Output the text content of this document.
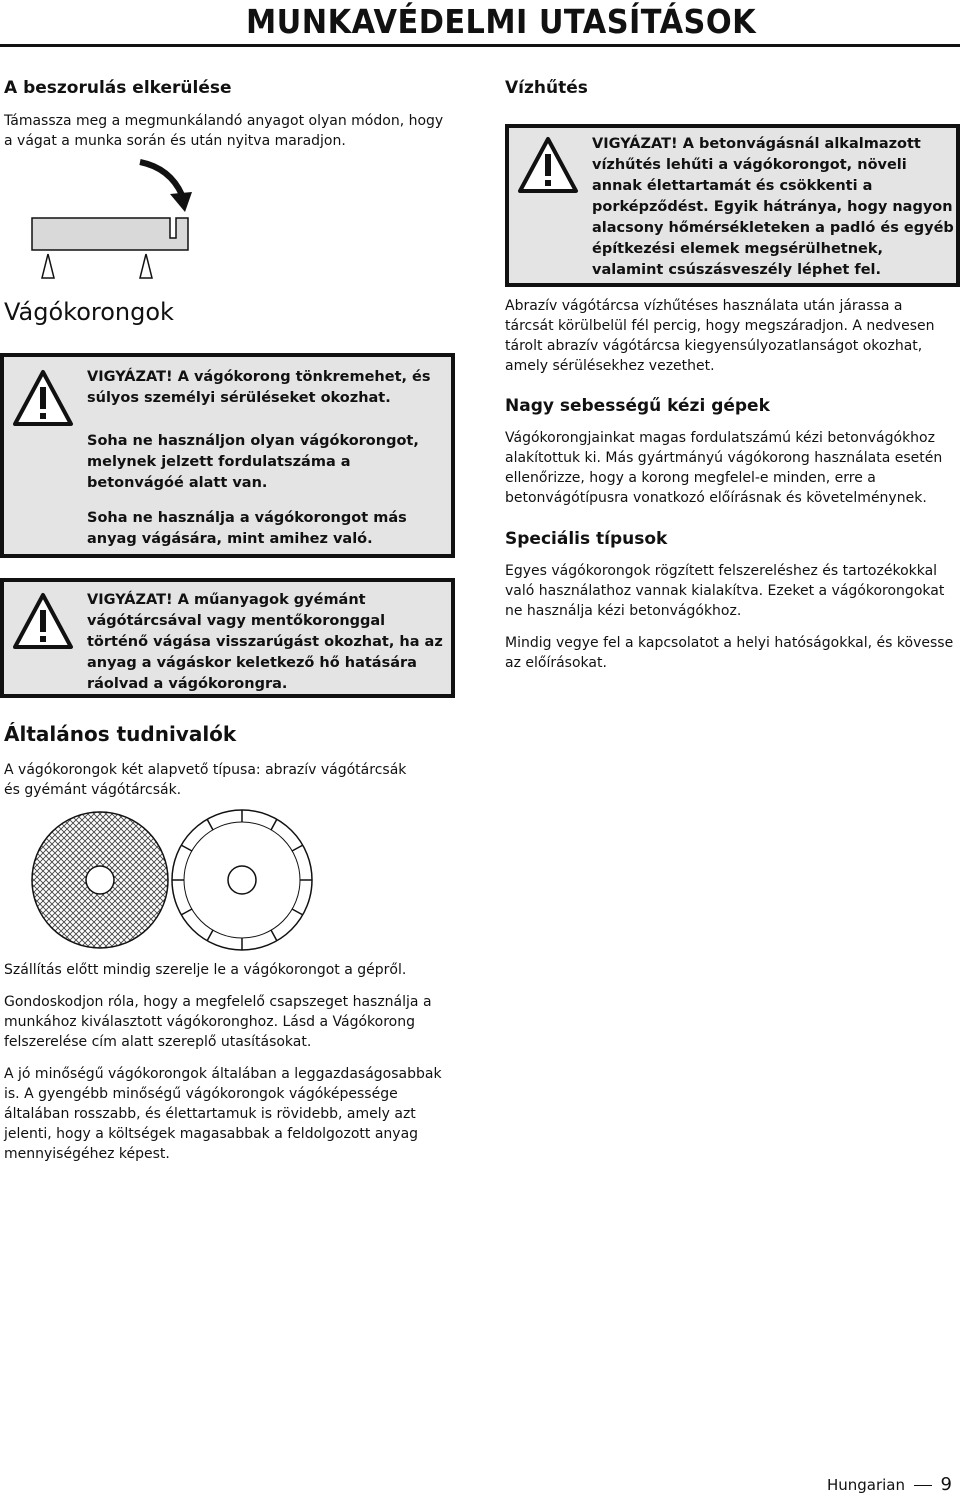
MUNKAVÉDELMI UTASÍTÁSOK

A beszorulás elkerülése

Támassza meg a megmunkálandó anyagot olyan módon, hogy a vágat a munka során és után nyitva maradjon.

Vágókorongok

VIGYÁZAT! A vágókorong tönkremehet, és súlyos személyi sérüléseket okozhat.

Soha ne használjon olyan vágókorongot, melynek jelzett fordulatszáma a betonvágóé alatt van.

Soha ne használja a vágókorongot más anyag vágására, mint amihez való.

VIGYÁZAT! A műanyagok gyémánt vágótárcsával vagy mentőkoronggal történő vágása visszarúgást okozhat, ha az anyag a vágáskor keletkező hő hatására ráolvad a vágókorongra.

Általános tudnivalók

A vágókorongok két alapvető típusa: abrazív vágótárcsák és gyémánt vágótárcsák.

Szállítás előtt mindig szerelje le a vágókorongot a gépről.

Gondoskodjon róla, hogy a megfelelő csapszeget használja a munkához kiválasztott vágókoronghoz. Lásd a Vágókorong felszerelése cím alatt szereplő utasításokat.

A jó minőségű vágókorongok általában a leggazdaságosabbak is. A gyengébb minőségű vágókorongok vágóképessége általában rosszabb, és élettartamuk is rövidebb, amely azt jelenti, hogy a költségek magasabbak a feldolgozott anyag mennyiségéhez képest.

Vízhűtés

VIGYÁZAT! A betonvágásnál alkalmazott vízhűtés lehűti a vágókorongot, növeli annak élettartamát és csökkenti a porképződést. Egyik hátránya, hogy nagyon alacsony hőmérsékleteken a padló és egyéb építkezési elemek megsérülhetnek, valamint csúszásveszély léphet fel.

Abrazív vágótárcsa vízhűtéses használata után járassa a tárcsát körülbelül fél percig, hogy megszáradjon. A nedvesen tárolt abrazív vágótárcsa kiegyensúlyozatlanságot okozhat, amely sérülésekhez vezethet.

Nagy sebességű kézi gépek

Vágókorongjainkat magas fordulatszámú kézi betonvágókhoz alakítottuk ki. Más gyártmányú vágókorong használata esetén ellenőrizze, hogy a korong megfelel-e minden, erre a betonvágótípusra vonatkozó előírásnak és követelménynek.

Speciális típusok

Egyes vágókorongok rögzített felszereléshez és tartozékokkal való használathoz vannak kialakítva. Ezeket a vágókorongokat ne használja kézi betonvágókhoz.

Mindig vegye fel a kapcsolatot a helyi hatóságokkal, és kövesse az előírásokat.

Hungarian 9
